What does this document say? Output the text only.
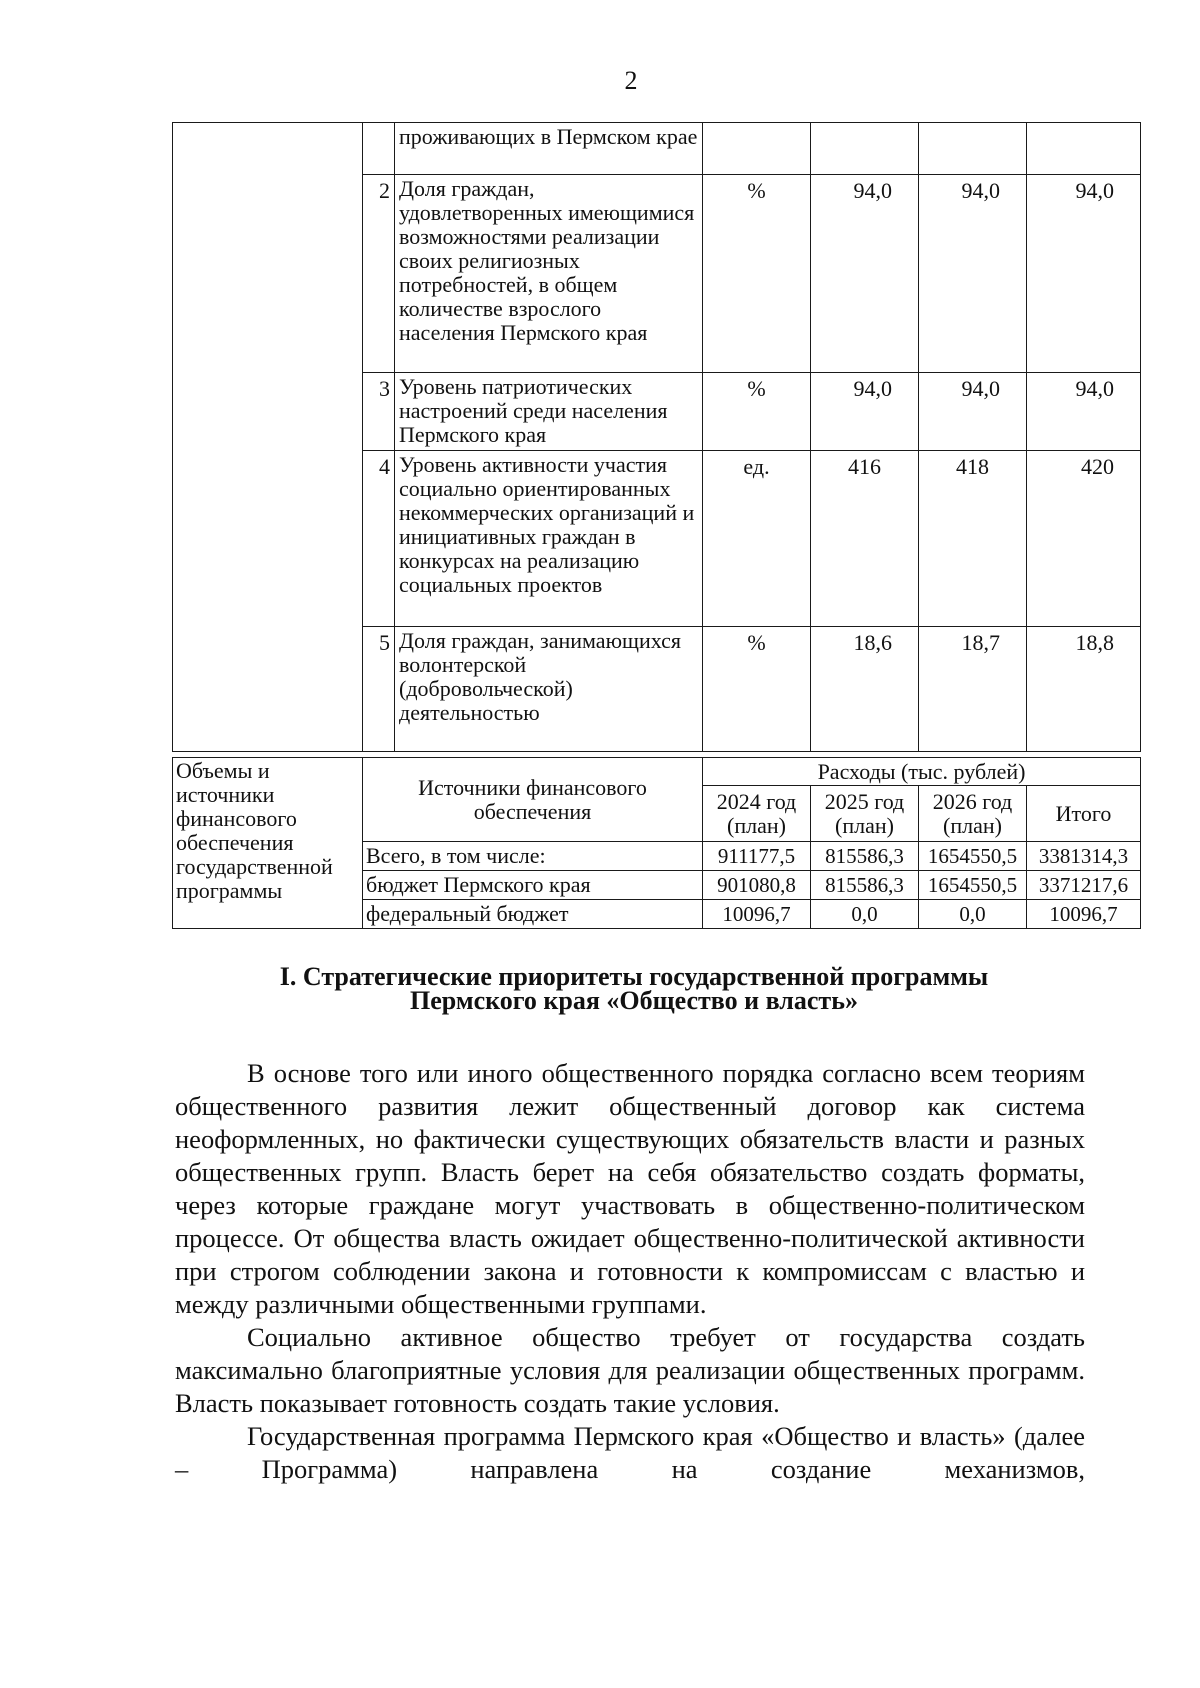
2
		проживающих в Пермском крае				
	2	Доля граждан, удовлетворенных имеющимися возможностями реализации своих религиозных потребностей, в общем количестве взрослого населения Пермского края	%	94,0	94,0	94,0
	3	Уровень патриотических настроений среди населения Пермского края	%	94,0	94,0	94,0
	4	Уровень активности участия социально ориентированных некоммерческих организаций и инициативных граждан в конкурсах на реализацию социальных проектов	ед.	416	418	420
	5	Доля граждан, занимающихся волонтерской (добровольческой) деятельностью	%	18,6	18,7	18,8
Объемы и источники финансового обеспечения государственной программы	Источники финансового обеспечения	Расходы (тыс. рублей)			
		2024 год (план)	2025 год (план)	2026 год (план)	Итого
	Всего, в том числе:	911177,5	815586,3	1654550,5	3381314,3
	бюджет Пермского края	901080,8	815586,3	1654550,5	3371217,6
	федеральный бюджет	10096,7	0,0	0,0	10096,7
I. Стратегические приоритеты государственной программы
Пермского края «Общество и власть»

В основе того или иного общественного порядка согласно всем теориям общественного развития лежит общественный договор как система неоформленных, но фактически существующих обязательств власти и разных общественных групп. Власть берет на себя обязательство создать форматы, через которые граждане могут участвовать в общественно-политическом процессе. От общества власть ожидает общественно-политической активности при строгом соблюдении закона и готовности к компромиссам с властью и между различными общественными группами.

Социально активное общество требует от государства создать максимально благоприятные условия для реализации общественных программ. Власть показывает готовность создать такие условия.

Государственная программа Пермского края «Общество и власть» (далее – Программа) направлена на создание механизмов,
